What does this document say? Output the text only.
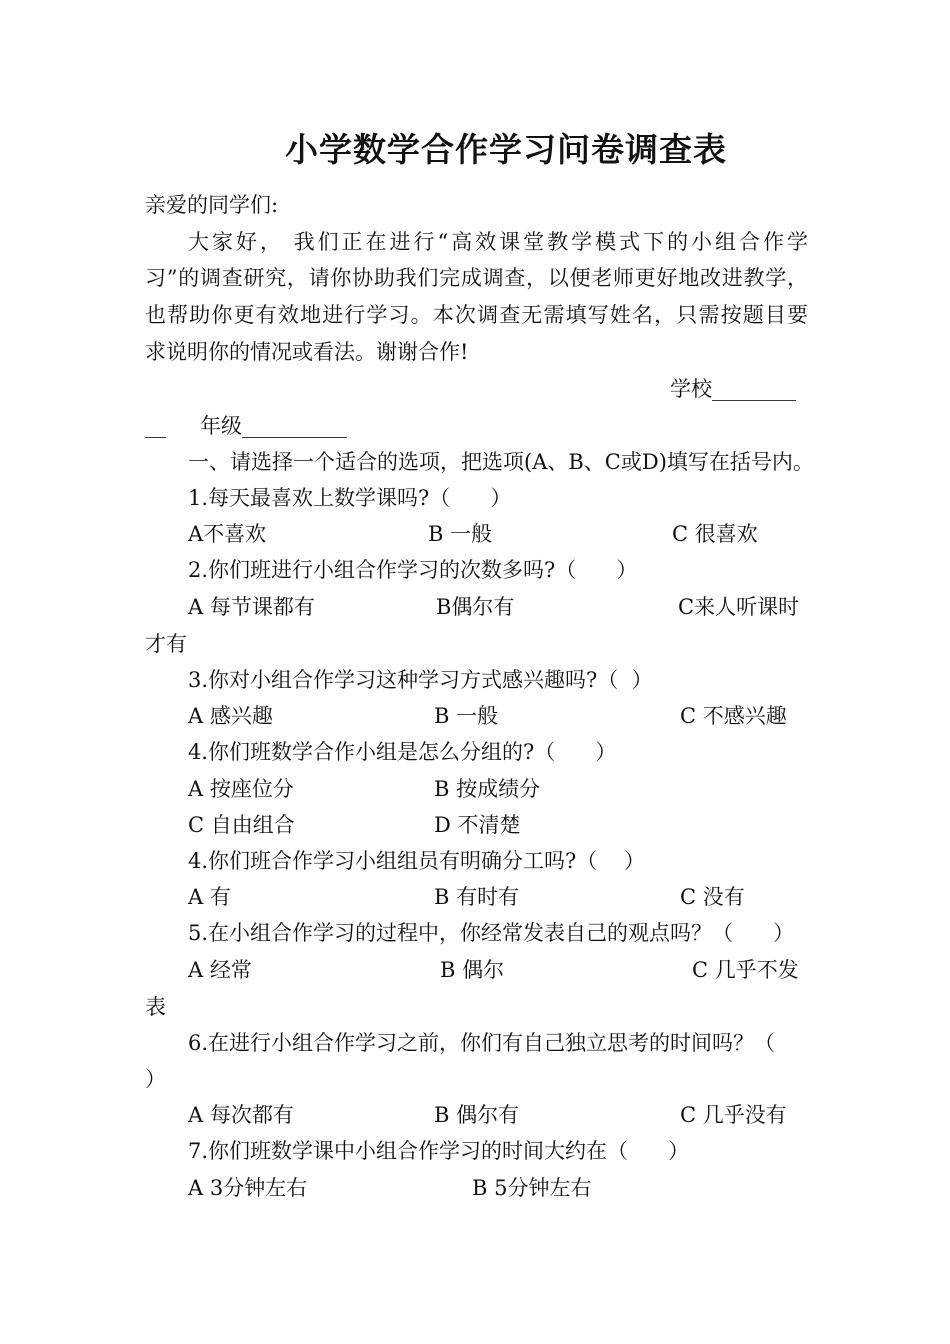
小学数学合作学习问卷调查表
亲爱的同学们:
大家好， 我们正在进行“高效课堂教学模式下的小组合作学
习”的调查研究，请你协助我们完成调查，以便老师更好地改进教学，
也帮助你更有效地进行学习。本次调查无需填写姓名，只需按题目要
求说明你的情况或看法。谢谢合作!
学校________
__ 年级__________
一、请选择一个适合的选项，把选项(A、B、C或D)填写在括号内。
1.每天最喜欢上数学课吗?（      ）
A不喜欢	B 一般	C 很喜欢
2.你们班进行小组合作学习的次数多吗?（      ）
A 每节课都有	B偶尔有	C来人听课时
才有
3.你对小组合作学习这种学习方式感兴趣吗?（  ）
A 感兴趣	B 一般	C 不感兴趣
4.你们班数学合作小组是怎么分组的?（      ）
A 按座位分	B 按成绩分
C 自由组合	D 不清楚
4.你们班合作学习小组组员有明确分工吗?（    ）
A 有	B 有时有	C 没有
5.在小组合作学习的过程中，你经常发表自己的观点吗？（      ）
A 经常	B 偶尔	C 几乎不发
表
6.在进行小组合作学习之前，你们有自己独立思考的时间吗？（
）
A 每次都有	B 偶尔有	C 几乎没有
7.你们班数学课中小组合作学习的时间大约在（      ）
A 3分钟左右	B 5分钟左右
